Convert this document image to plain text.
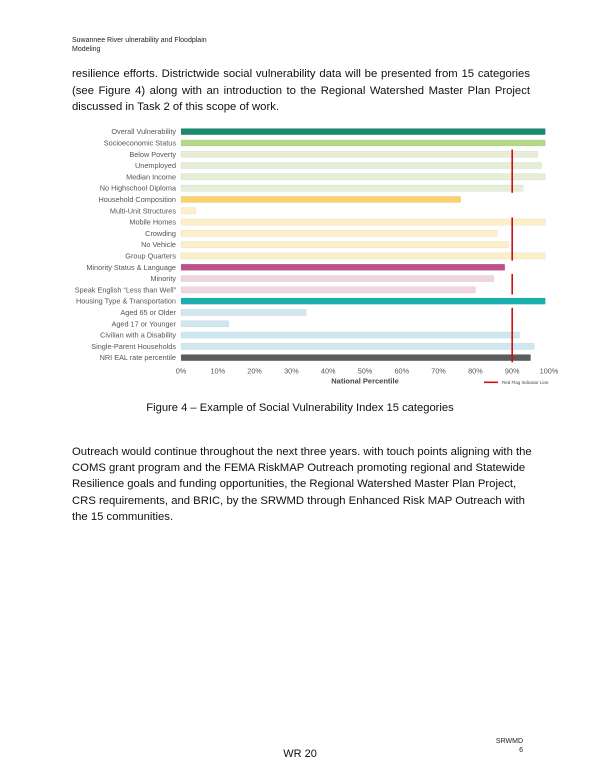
Suwannee River ulnerability and Floodplain
Modeling
resilience efforts. Districtwide social vulnerability data will be presented from 15 categories (see Figure 4) along with an introduction to the Regional Watershed Master Plan Project discussed in Task 2 of this scope of work.
Overall Vulnerability
Socioeconomic Status
Below Poverty
Unemployed
Median Income
No Highschool Diploma
Household Composition
Multi-Unit Structures
Mobile Homes
Crowding
No Vehicle
Group Quarters
Minority Status & Language
Minority
Speak English “Less than Well”
Housing Type & Transportation
Aged 65 or Older
Aged 17 or Younger
Civilian with a Disability
Single-Parent Households
NRI EAL rate percentile
0%	10%	20%	30%	40%	50%	60%	70%	80%	90%	100%
National Percentile	Red Flag Indicator Line
Figure 4 – Example of Social Vulnerability Index 15 categories
Outreach would continue throughout the next three years. with touch points aligning with the COMS grant program and the FEMA RiskMAP Outreach promoting regional and Statewide Resilience goals and funding opportunities, the Regional Watershed Master Plan Project, CRS requirements, and BRIC, by the SRWMD through Enhanced Risk MAP Outreach with the 15 communities.
SRWMD
6
WR 20
